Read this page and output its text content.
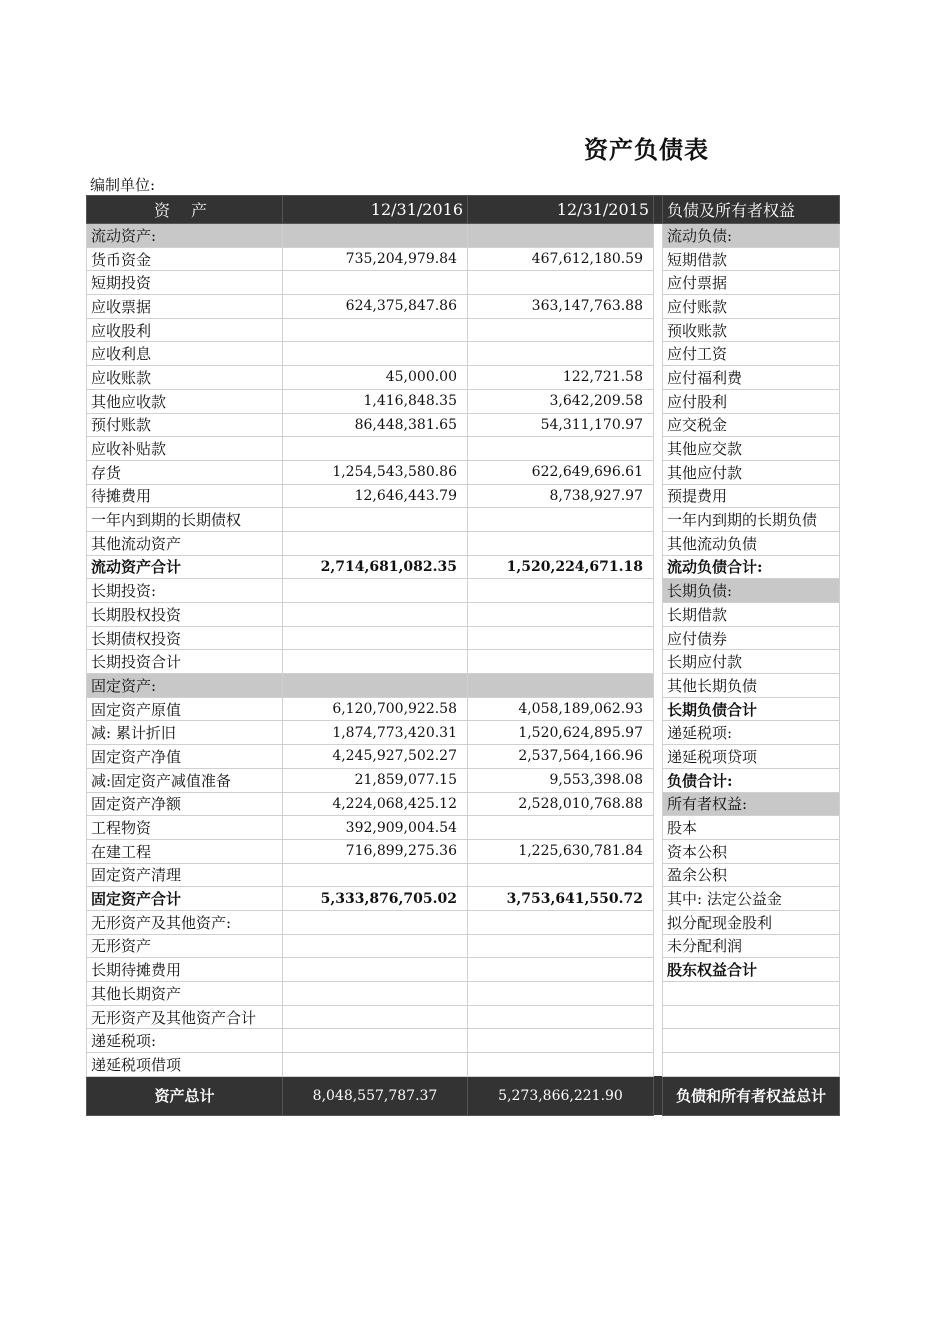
资产负债表
编制单位:
资 产	12/31/2016	12/31/2015		负债及所有者权益
流动资产:				流动负债:
货币资金	735,204,979.84	467,612,180.59		短期借款
短期投资				应付票据
应收票据	624,375,847.86	363,147,763.88		应付账款
应收股利				预收账款
应收利息				应付工资
应收账款	45,000.00	122,721.58		应付福利费
其他应收款	1,416,848.35	3,642,209.58		应付股利
预付账款	86,448,381.65	54,311,170.97		应交税金
应收补贴款				其他应交款
存货	1,254,543,580.86	622,649,696.61		其他应付款
待摊费用	12,646,443.79	8,738,927.97		预提费用
一年内到期的长期债权				一年内到期的长期负债
其他流动资产				其他流动负债
流动资产合计	2,714,681,082.35	1,520,224,671.18		流动负债合计:
长期投资:				长期负债:
长期股权投资				长期借款
长期债权投资				应付债券
长期投资合计				长期应付款
固定资产:				其他长期负债
固定资产原值	6,120,700,922.58	4,058,189,062.93		长期负债合计
减: 累计折旧	1,874,773,420.31	1,520,624,895.97		递延税项:
固定资产净值	4,245,927,502.27	2,537,564,166.96		递延税项贷项
减:固定资产减值准备	21,859,077.15	9,553,398.08		负债合计:
固定资产净额	4,224,068,425.12	2,528,010,768.88		所有者权益:
工程物资	392,909,004.54			股本
在建工程	716,899,275.36	1,225,630,781.84		资本公积
固定资产清理				盈余公积
固定资产合计	5,333,876,705.02	3,753,641,550.72		其中: 法定公益金
无形资产及其他资产:				拟分配现金股利
无形资产				未分配利润
长期待摊费用				股东权益合计
其他长期资产				
无形资产及其他资产合计				
递延税项:				
递延税项借项				
资产总计	8,048,557,787.37	5,273,866,221.90		负债和所有者权益总计
